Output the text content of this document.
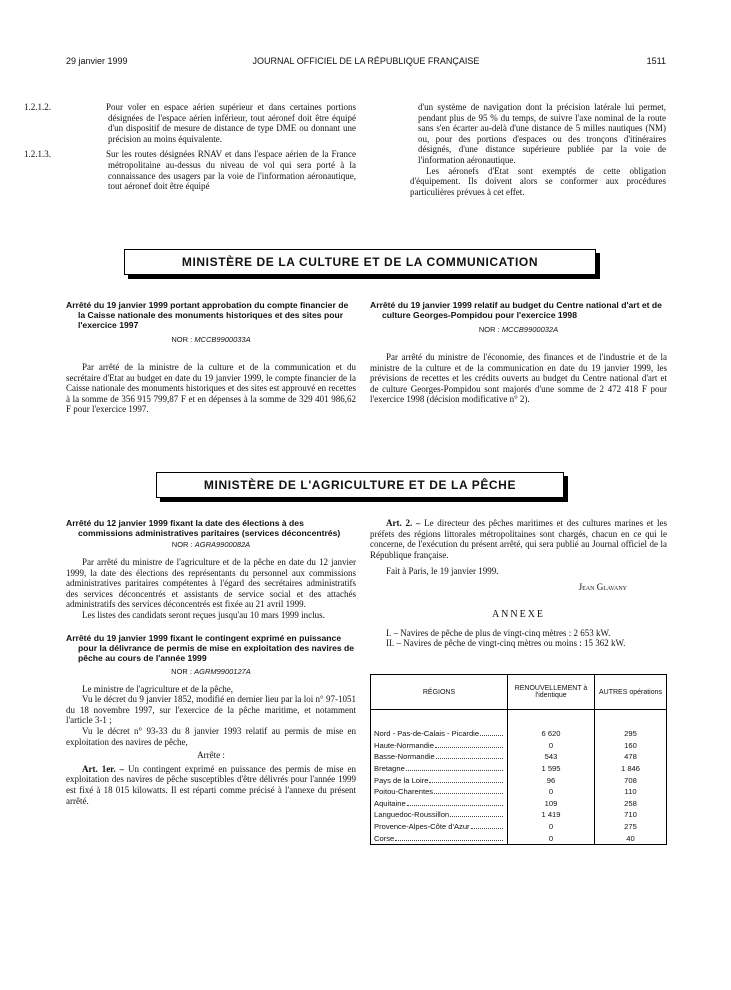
29 janvier 1999	JOURNAL OFFICIEL DE LA RÉPUBLIQUE FRANÇAISE	1511

1.2.1.2.	Pour voler en espace aérien supérieur et dans certaines portions désignées de l'espace aérien inférieur, tout aéronef doit être équipé d'un dispositif de mesure de distance de type DME ou donnant une précision au moins équivalente.

1.2.1.3.	Sur les routes désignées RNAV et dans l'espace aérien de la France métropolitaine au-dessus du niveau de vol qui sera porté à la connaissance des usagers par la voie de l'information aéronautique, tout aéronef doit être équipé

d'un système de navigation dont la précision latérale lui permet, pendant plus de 95 % du temps, de suivre l'axe nominal de la route sans s'en écarter au-delà d'une distance de 5 milles nautiques (NM) ou, pour des portions d'espaces ou des tronçons d'itinéraires désignés, d'une distance supérieure publiée par la voie de l'information aéronautique.

Les aéronefs d'Etat sont exemptés de cette obligation d'équipement. Ils doivent alors se conformer aux procédures particulières prévues à cet effet.

MINISTÈRE DE LA CULTURE ET DE LA COMMUNICATION

Arrêté du 19 janvier 1999 portant approbation du compte financier de la Caisse nationale des monuments historiques et des sites pour l'exercice 1997

NOR : MCCB9900033A

Par arrêté de la ministre de la culture et de la communication et du secrétaire d'Etat au budget en date du 19 janvier 1999, le compte financier de la Caisse nationale des monuments historiques et des sites est approuvé en recettes à la somme de 356 915 799,87 F et en dépenses à la somme de 329 401 986,62 F pour l'exercice 1997.

Arrêté du 19 janvier 1999 relatif au budget du Centre national d'art et de culture Georges-Pompidou pour l'exercice 1998

NOR : MCCB9900032A

Par arrêté du ministre de l'économie, des finances et de l'industrie et de la ministre de la culture et de la communication en date du 19 janvier 1999, les prévisions de recettes et les crédits ouverts au budget du Centre national d'art et de culture Georges-Pompidou sont majorés d'une somme de 2 472 418 F pour l'exercice 1998 (décision modificative n° 2).

MINISTÈRE DE L'AGRICULTURE ET DE LA PÊCHE

Arrêté du 12 janvier 1999 fixant la date des élections à des commissions administratives paritaires (services déconcentrés)

NOR : AGRA9900082A

Par arrêté du ministre de l'agriculture et de la pêche en date du 12 janvier 1999, la date des élections des représentants du personnel aux commissions administratives paritaires compétentes à l'égard des secrétaires administratifs des services déconcentrés et assistants de service social et des attachés administratifs des services déconcentrés est fixée au 21 avril 1999.

Les listes des candidats seront reçues jusqu'au 10 mars 1999 inclus.

Arrêté du 19 janvier 1999 fixant le contingent exprimé en puissance pour la délivrance de permis de mise en exploitation des navires de pêche au cours de l'année 1999

NOR : AGRM9900127A

Le ministre de l'agriculture et de la pêche,

Vu le décret du 9 janvier 1852, modifié en dernier lieu par la loi n° 97-1051 du 18 novembre 1997, sur l'exercice de la pêche maritime, et notamment l'article 3-1 ;

Vu le décret n° 93-33 du 8 janvier 1993 relatif au permis de mise en exploitation des navires de pêche,

Arrête :

Art. 1er. – Un contingent exprimé en puissance des permis de mise en exploitation des navires de pêche susceptibles d'être délivrés pour l'année 1999 est fixé à 18 015 kilowatts. Il est réparti comme précisé à l'annexe du présent arrêté.

Art. 2. – Le directeur des pêches maritimes et des cultures marines et les préfets des régions littorales métropolitaines sont chargés, chacun en ce qui le concerne, de l'exécution du présent arrêté, qui sera publié au Journal officiel de la République française.

Fait à Paris, le 19 janvier 1999.

Jean Glavany

ANNEXE

I. – Navires de pêche de plus de vingt-cinq mètres : 2 653 kW.

II. – Navires de pêche de vingt-cinq mètres ou moins : 15 362 kW.

RÉGIONS	RENOUVELLEMENT à l'identique	AUTRES opérations

Nord - Pas-de-Calais - Picardie	6 620	295

Haute-Normandie	0	160

Basse-Normandie	543	478

Bretagne	1 595	1 846

Pays de la Loire	96	708

Poitou-Charentes	0	110

Aquitaine	109	258

Languedoc-Roussillon	1 419	710

Provence-Alpes-Côte d'Azur	0	275

Corse	0	40
